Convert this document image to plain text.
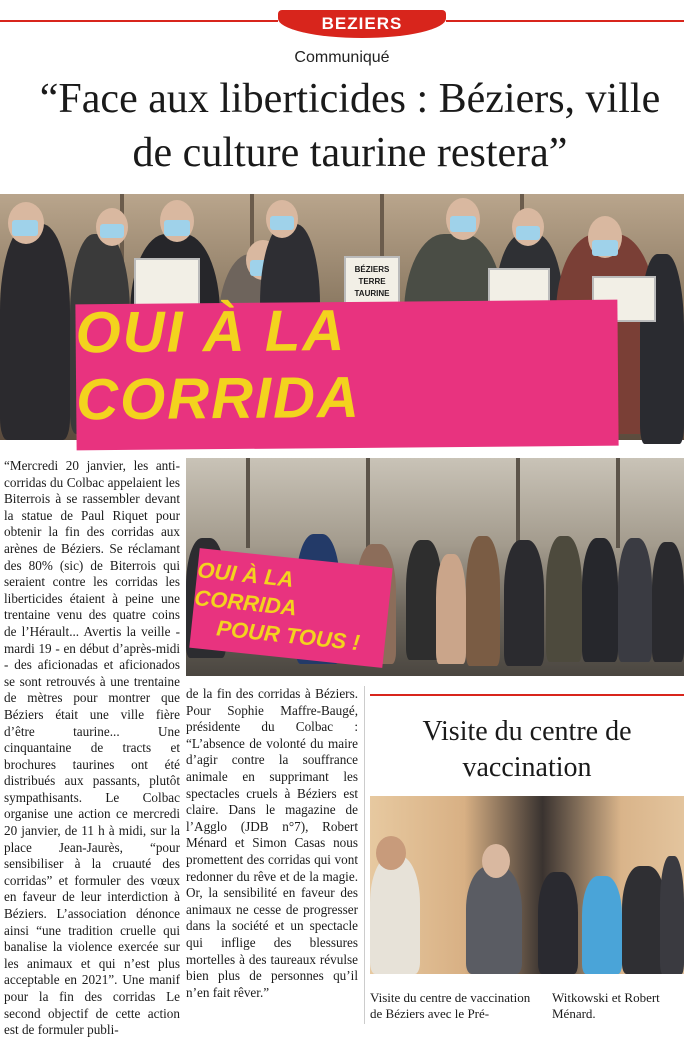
BEZIERS
Communiqué
“Face aux liberticides : Béziers, ville de culture taurine restera”
BÉZIERS TERRE TAURINE
OUI À LA CORRIDA
“Mercredi 20 janvier, les anti-corridas du Colbac appelaient les Biterrois à se rassembler devant la statue de Paul Riquet pour obtenir la fin des corridas aux arènes de Béziers. Se réclamant des 80% (sic) de Biterrois qui seraient contre les corridas les liberticides étaient à peine une trentaine venu des quatre coins de l’Hérault... Avertis la veille - mardi 19 - en début d’après-midi - des aficionadas et aficionados se sont retrouvés à une trentaine de mètres pour montrer que Béziers était une ville fière d’être taurine... Une cinquantaine de tracts et brochures taurines ont été distribués aux passants, plutôt sympathisants. Le Colbac organise une action ce mercredi 20 janvier, de 11 h à midi, sur la place Jean-Jaurès, “pour sensibiliser à la cruauté des corridas” et formuler des vœux en faveur de leur interdiction à Béziers. L’association dénonce ainsi “une tradition cruelle qui banalise la violence exercée sur les animaux et qui n’est plus acceptable en 2021”. Une manif pour la fin des corridas Le second objectif de cette action est de formuler publi-
OUI À LA CORRIDA
POUR TOUS !
de la fin des corridas à Béziers. Pour Sophie Maffre-Baugé, présidente du Colbac : “L’absence de volonté du maire d’agir contre la souffrance animale en supprimant les spectacles cruels à Béziers est claire. Dans le magazine de l’Agglo (JDB n°7), Robert Ménard et Simon Casas nous promettent des corridas qui vont redonner du rêve et de la magie. Or, la sensibilité en faveur des animaux ne cesse de progresser dans la société et un spectacle qui inflige des blessures mortelles à des taureaux révulse bien plus de personnes qu’il n’en fait rêver.”
Visite du centre de vaccination
Visite du centre de vaccination de Béziers avec le Pré-
Witkowski et Robert Ménard.
